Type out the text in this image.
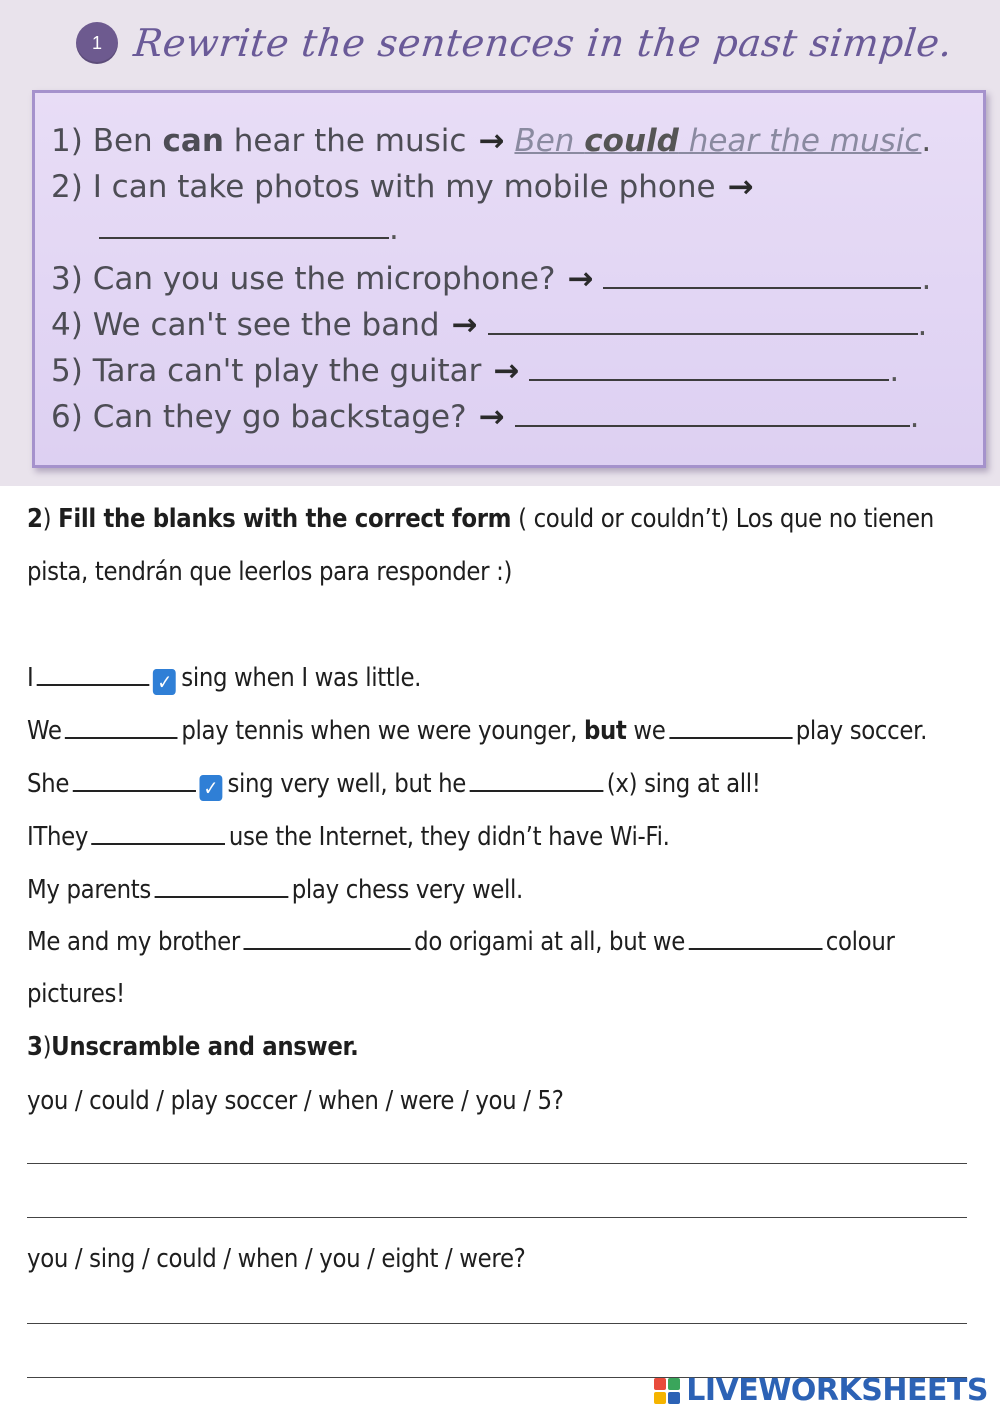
1 Rewrite the sentences in the past simple.
1)
Ben can hear the music → Ben could hear the music .
2)
I can take photos with my mobile phone →
.
3)
Can you use the microphone? →	.
4)
We can't see the band →	.
5)
Tara can't play the guitar →	.
6)
Can they go backstage? →	.
2) Fill the blanks with the correct form ( could or couldn’t) Los que no tienen
pista, tendrán que leerlos para responder :)
I	✓ sing when I was little.
We	play tennis when we were younger, but we	play soccer.
She	✓ sing very well, but he	(x) sing at all!
IThey	use the Internet, they didn’t have Wi-Fi.
My parents	play chess very well.
Me and my brother	do origami at all, but we	colour
pictures!
3)Unscramble and answer.
you / could / play soccer / when / were / you / 5?
you / sing / could / when / you / eight / were?
LIVEWORKSHEETS
